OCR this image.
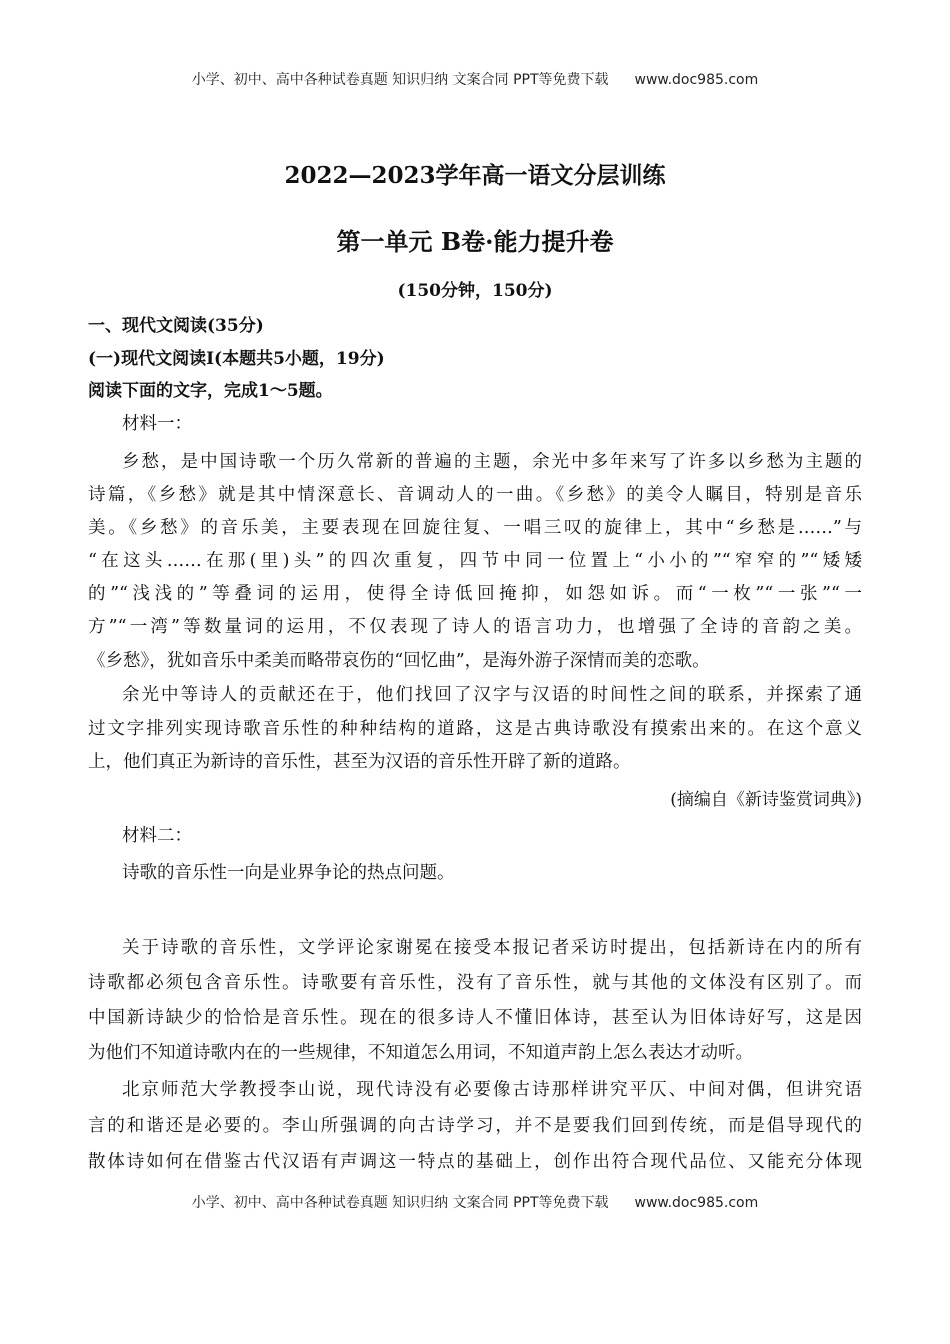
小学、初中、高中各种试卷真题 知识归纳 文案合同 PPT等免费下载 www.doc985.com
2022—2023学年高一语文分层训练
第一单元 B卷·能力提升卷
(150分钟，150分)
一、现代文阅读(35分)
(一)现代文阅读Ⅰ(本题共5小题，19分)
阅读下面的文字，完成1～5题。
材料一：
乡愁，是中国诗歌一个历久常新的普遍的主题，余光中多年来写了许多以乡愁为主题的
诗篇，《乡愁》就是其中情深意长、音调动人的一曲。《乡愁》的美令人瞩目，特别是音乐
美。《乡愁》的音乐美，主要表现在回旋往复、一唱三叹的旋律上，其中“乡愁是……”与
“在这头……在那(里)头”的四次重复，四节中同一位置上“小小的”“窄窄的”“矮矮
的”“浅浅的”等叠词的运用，使得全诗低回掩抑，如怨如诉。而“一枚”“一张”“一
方”“一湾”等数量词的运用，不仅表现了诗人的语言功力，也增强了全诗的音韵之美。
《乡愁》，犹如音乐中柔美而略带哀伤的“回忆曲”，是海外游子深情而美的恋歌。
余光中等诗人的贡献还在于，他们找回了汉字与汉语的时间性之间的联系，并探索了通
过文字排列实现诗歌音乐性的种种结构的道路，这是古典诗歌没有摸索出来的。在这个意义
上，他们真正为新诗的音乐性，甚至为汉语的音乐性开辟了新的道路。
(摘编自《新诗鉴赏词典》)
材料二：
诗歌的音乐性一向是业界争论的热点问题。
关于诗歌的音乐性，文学评论家谢冕在接受本报记者采访时提出，包括新诗在内的所有
诗歌都必须包含音乐性。诗歌要有音乐性，没有了音乐性，就与其他的文体没有区别了。而
中国新诗缺少的恰恰是音乐性。现在的很多诗人不懂旧体诗，甚至认为旧体诗好写，这是因
为他们不知道诗歌内在的一些规律，不知道怎么用词，不知道声韵上怎么表达才动听。
北京师范大学教授李山说，现代诗没有必要像古诗那样讲究平仄、中间对偶，但讲究语
言的和谐还是必要的。李山所强调的向古诗学习，并不是要我们回到传统，而是倡导现代的
散体诗如何在借鉴古代汉语有声调这一特点的基础上，创作出符合现代品位、又能充分体现
小学、初中、高中各种试卷真题 知识归纳 文案合同 PPT等免费下载 www.doc985.com
